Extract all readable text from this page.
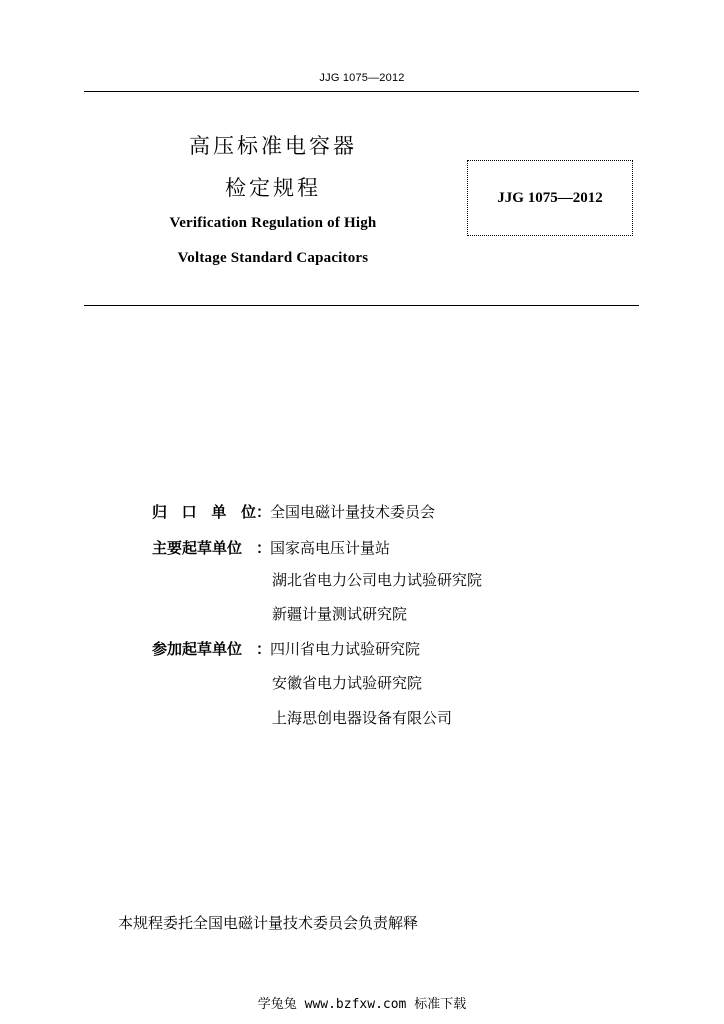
JJG 1075—2012
高压标准电容器
检定规程
Verification Regulation of High
Voltage Standard Capacitors
JJG 1075—2012
归 口 单 位 ：
全国电磁计量技术委员会
主要起草单位 ：
国家高电压计量站
湖北省电力公司电力试验研究院
新疆计量测试研究院
参加起草单位 ：
四川省电力试验研究院
安徽省电力试验研究院
上海思创电器设备有限公司
本规程委托全国电磁计量技术委员会负责解释
学兔兔 www.bzfxw.com 标准下载
